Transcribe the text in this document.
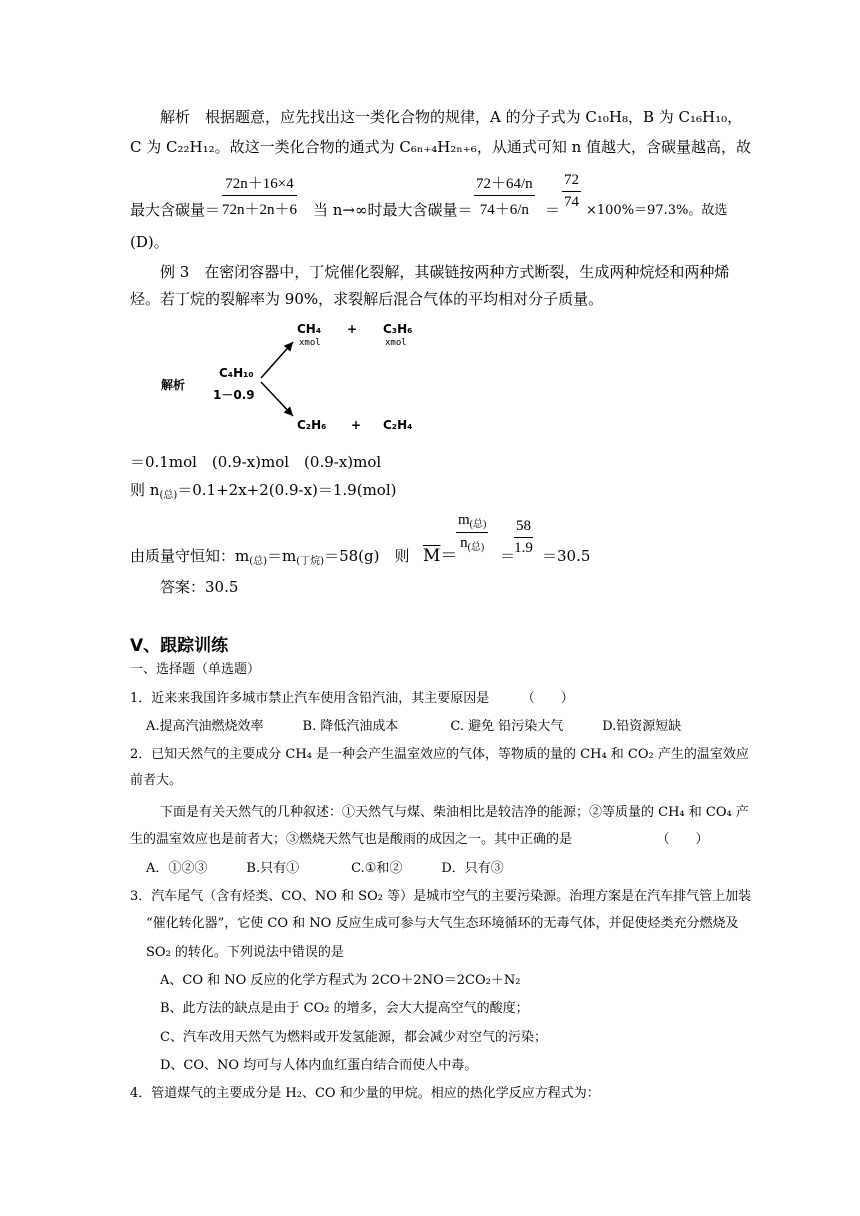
解析　根据题意，应先找出这一类化合物的规律，A 的分子式为 C₁₀H₈，B 为 C₁₆H₁₀，
C 为 C₂₂H₁₂。故这一类化合物的通式为 C₆ₙ₊₄H₂ₙ₊₆，从通式可知 n 值越大，含碳量越高，故
72n＋16×4
72n＋2n＋6
最大含碳量＝	当 n→∞时最大含碳量＝
72＋64/n
74＋6/n	＝
72
74
×100%＝97.3%。故选
(D)。
例 3　在密闭容器中，丁烷催化裂解，其碳链按两种方式断裂，生成两种烷烃和两种烯
烃。若丁烷的裂解率为 90%，求裂解后混合气体的平均相对分子质量。
解析
C₄H₁₀
1－0.9
CH₄
xmol
+ C₃H₆
xmol
C₂H₆ + C₂H₄
＝0.1mol　(0.9-x)mol　(0.9-x)mol
则 $n_{(总)}=0.1+2x+2(0.9-x)=1.9(mol)$
由质量守恒知：$m_{(总)}=m_{(丁烷)}=58(g)$　则 $\overline{M}=$
$m_{(总)}$
$n_{(总)}$ ＝
58
1.9 ＝30.5
答案：30.5
Ⅴ、跟踪训练
一、选择题（单选题）
1．近来来我国许多城市禁止汽车使用含铅汽油，其主要原因是　　　（　　）
A.提高汽油燃烧效率　　　B. 降低汽油成本　　　　C. 避免 铅污染大气　　　D.铅资源短缺
2．已知天然气的主要成分 CH₄ 是一种会产生温室效应的气体，等物质的量的 CH₄ 和 CO₂ 产生的温室效应
前者大。
下面是有关天然气的几种叙述：①天然气与煤、柴油相比是较洁净的能源；②等质量的 CH₄ 和 CO₄ 产
生的温室效应也是前者大；③燃烧天然气也是酸雨的成因之一。其中正确的是　　　　　　　（　　）
A．①②③　　　B.只有①　　　　C.①和②　　　D．只有③
3．汽车尾气（含有烃类、CO、NO 和 SO₂ 等）是城市空气的主要污染源。治理方案是在汽车排气管上加装
“催化转化器”，它使 CO 和 NO 反应生成可参与大气生态环境循环的无毒气体，并促使烃类充分燃烧及
SO₂ 的转化。下列说法中错误的是
A、CO 和 NO 反应的化学方程式为 2CO＋2NO＝2CO₂＋N₂
B、此方法的缺点是由于 CO₂ 的增多，会大大提高空气的酸度；
C、汽车改用天然气为燃料或开发氢能源，都会减少对空气的污染；
D、CO、NO 均可与人体内血红蛋白结合而使人中毒。
4．管道煤气的主要成分是 H₂、CO 和少量的甲烷。相应的热化学反应方程式为：
